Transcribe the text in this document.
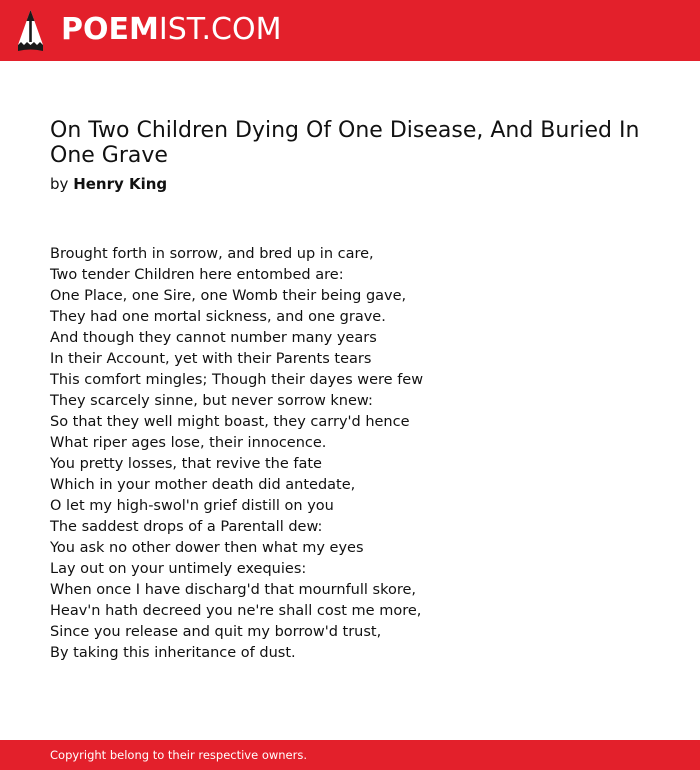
POEMIST.COM
On Two Children Dying Of One Disease, And Buried In One Grave
by Henry King
Brought forth in sorrow, and bred up in care,
Two tender Children here entombed are:
One Place, one Sire, one Womb their being gave,
They had one mortal sickness, and one grave.
And though they cannot number many years
In their Account, yet with their Parents tears
This comfort mingles; Though their dayes were few
They scarcely sinne, but never sorrow knew:
So that they well might boast, they carry'd hence
What riper ages lose, their innocence.
You pretty losses, that revive the fate
Which in your mother death did antedate,
O let my high-swol'n grief distill on you
The saddest drops of a Parentall dew:
You ask no other dower then what my eyes
Lay out on your untimely exequies:
When once I have discharg'd that mournfull skore,
Heav'n hath decreed you ne're shall cost me more,
Since you release and quit my borrow'd trust,
By taking this inheritance of dust.
Copyright belong to their respective owners.
